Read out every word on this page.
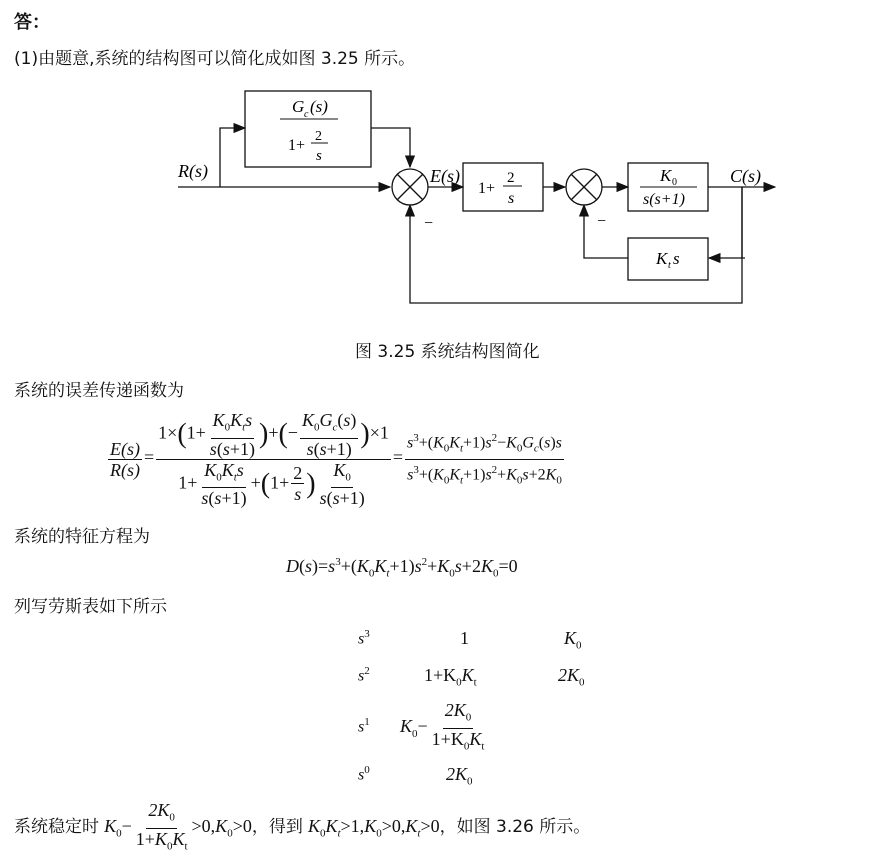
答：
(1)由题意,系统的结构图可以简化成如图 3.25 所示。
R(s)	E(s)	C(s)
−	−
G c (s)
1+
2
s
1+
2
s
K 0
s(s+1)
K t s
图 3.25 系统结构图简化
系统的误差传递函数为
$\frac{E(s)}{R(s)} = \frac{1\times(1+ \frac{K_0K_ts}{s(s+1)} )+(- \frac{K_0G_c(s)}{s(s+1)} )\times 1}{1+ \frac{K_0K_ts}{s(s+1)} +(1+ \frac{2}{s} ) \frac{K_0}{s(s+1)}} = \frac{s^3+(K_0K_t+1)s^2-K_0G_c(s)s}{s^3+(K_0K_t+1)s^2+K_0s+2K_0}$
系统的特征方程为
$D(s)=s^3+(K_0K_t+1)s^2+K_0s+2K_0=0$
列写劳斯表如下所示
$s^3$	1	$K_0$
$s^2$	$1+K_0K_t$	$2K_0$
$s^1$ $K_0- \frac{2K_0}{1+K_0K_t}$
$s^0$	$2K_0$
系统稳定时 $K_0- \frac{2K_0}{1+K_0K_t} >0,K_0>0$，得到 $K_0K_t>1,K_0>0,K_t>0$，如图 3.26 所示。
